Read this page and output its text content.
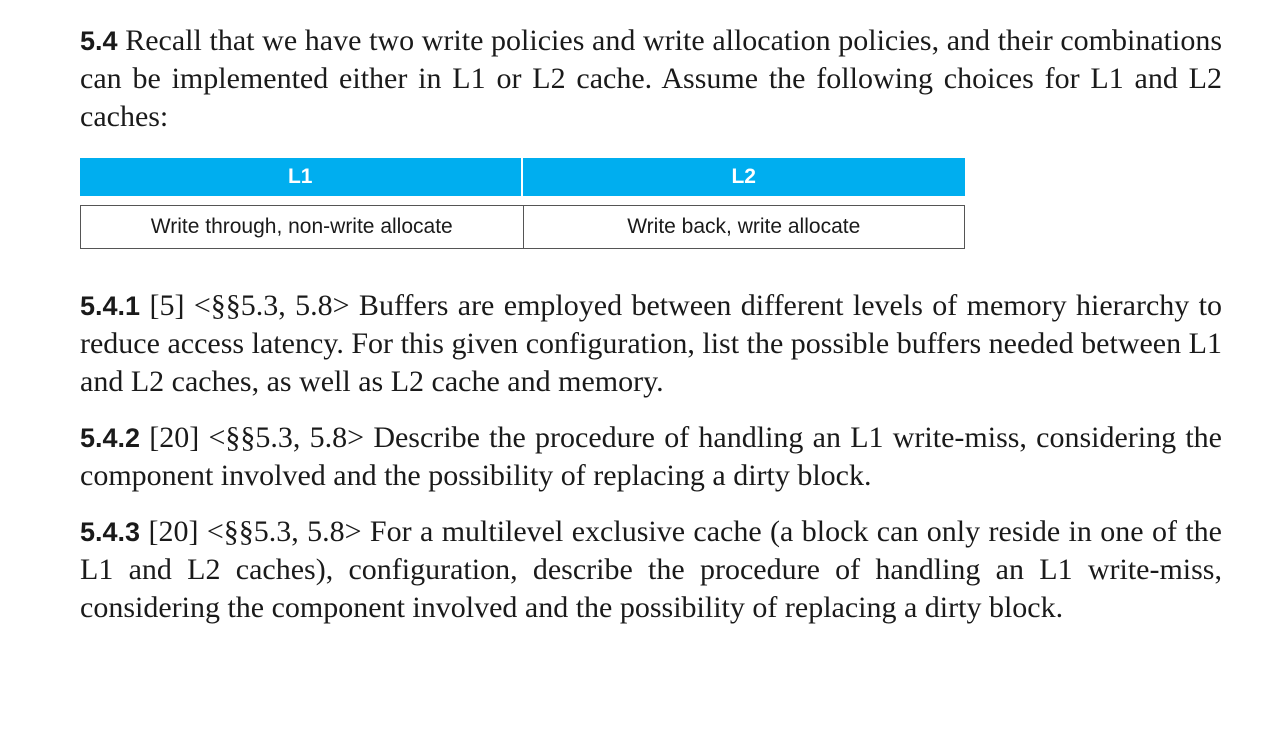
5.4 Recall that we have two write policies and write allocation policies, and their combinations can be implemented either in L1 or L2 cache. Assume the following choices for L1 and L2 caches:

L1	L2

Write through, non-write allocate	Write back, write allocate

5.4.1 [5] <§§5.3, 5.8> Buffers are employed between different levels of memory hierarchy to reduce access latency. For this given configuration, list the possible buffers needed between L1 and L2 caches, as well as L2 cache and memory.

5.4.2 [20] <§§5.3, 5.8> Describe the procedure of handling an L1 write-miss, considering the component involved and the possibility of replacing a dirty block.

5.4.3 [20] <§§5.3, 5.8> For a multilevel exclusive cache (a block can only reside in one of the L1 and L2 caches), configuration, describe the procedure of handling an L1 write-miss, considering the component involved and the possibility of replacing a dirty block.
